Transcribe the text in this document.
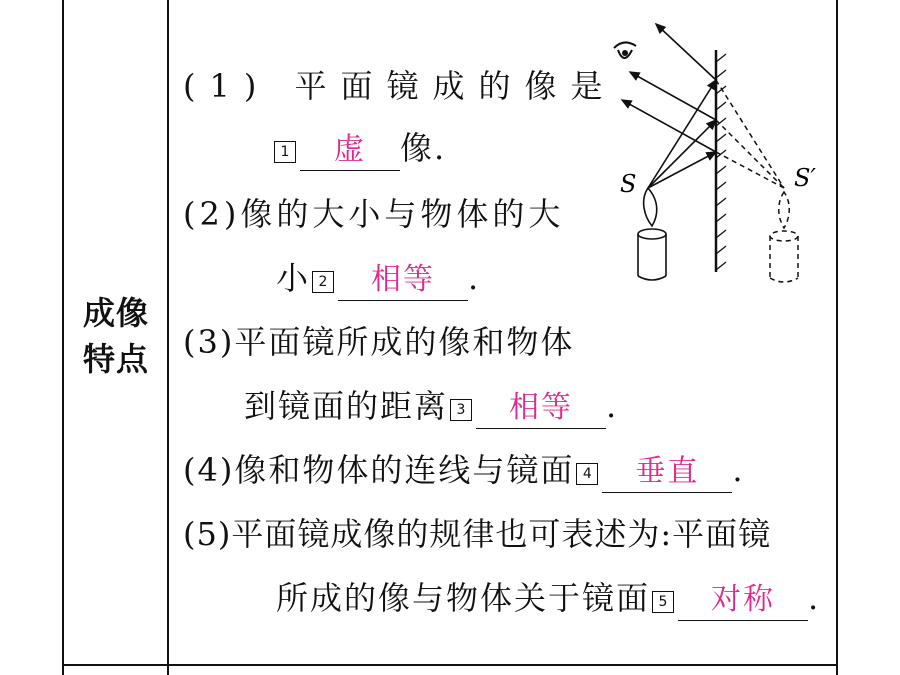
成像
特点
(1) 平面镜成的像是
1 虚 像.
(2)像的大小与物体的大
小 2 相等 .
(3)平面镜所成的像和物体
到镜面的距离 3 相等 .
(4)像和物体的连线与镜面 4 垂直 .
(5)平面镜成像的规律也可表述为:平面镜
所成的像与物体关于镜面 5 对称 .
S	S′
